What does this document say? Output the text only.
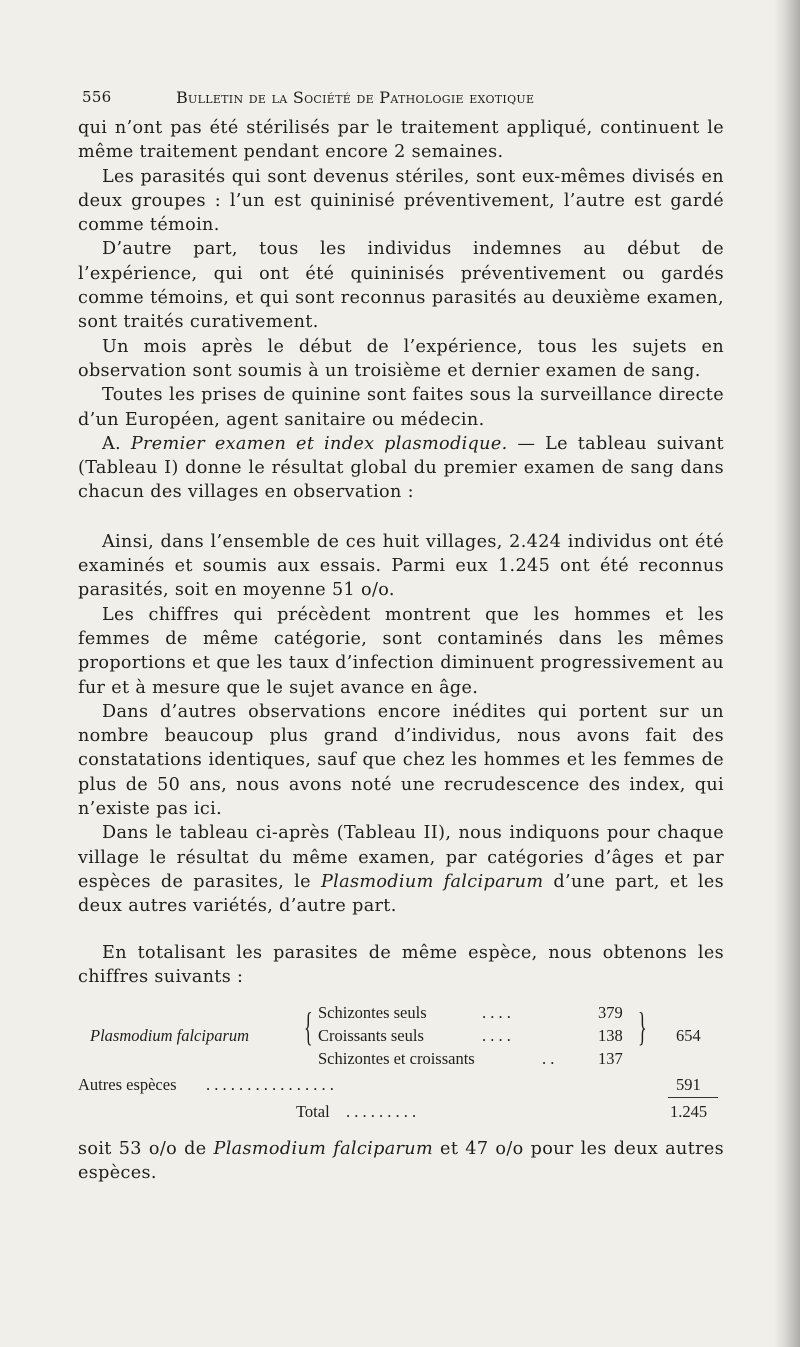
556	Bulletin de la Société de Pathologie exotique

qui n’ont pas été stérilisés par le traitement appliqué, continuent le même traitement pendant encore 2 semaines.

Les parasités qui sont devenus stériles, sont eux-mêmes divisés en deux groupes : l’un est quininisé préventivement, l’autre est gardé comme témoin.

D’autre part, tous les individus indemnes au début de l’expérience, qui ont été quininisés préventivement ou gardés comme témoins, et qui sont reconnus parasités au deuxième examen, sont traités curativement.

Un mois après le début de l’expérience, tous les sujets en observation sont soumis à un troisième et dernier examen de sang.

Toutes les prises de quinine sont faites sous la surveillance directe d’un Européen, agent sanitaire ou médecin.

A. Premier examen et index plasmodique. — Le tableau suivant (Tableau I) donne le résultat global du premier examen de sang dans chacun des villages en observation :

Ainsi, dans l’ensemble de ces huit villages, 2.424 individus ont été examinés et soumis aux essais. Parmi eux 1.245 ont été reconnus parasités, soit en moyenne 51 o/o.

Les chiffres qui précèdent montrent que les hommes et les femmes de même catégorie, sont contaminés dans les mêmes proportions et que les taux d’infection diminuent progressivement au fur et à mesure que le sujet avance en âge.

Dans d’autres observations encore inédites qui portent sur un nombre beaucoup plus grand d’individus, nous avons fait des constatations identiques, sauf que chez les hommes et les femmes de plus de 50 ans, nous avons noté une recrudescence des index, qui n’existe pas ici.

Dans le tableau ci-après (Tableau II), nous indiquons pour chaque village le résultat du même examen, par catégories d’âges et par espèces de parasites, le Plasmodium falciparum d’une part, et les deux autres variétés, d’autre part.

En totalisant les parasites de même espèce, nous obtenons les chiffres suivants :

Plasmodium falciparum { Schizontes seuls	. . . .	379
Croissants seuls	. . . .	138
Schizontes et croissants	. .	137
} 654
Autres espèces . . . . . . . . . . . . . . . .	591
Total . . . . . . . . .	1.245

soit 53 o/o de Plasmodium falciparum et 47 o/o pour les deux autres espèces.
